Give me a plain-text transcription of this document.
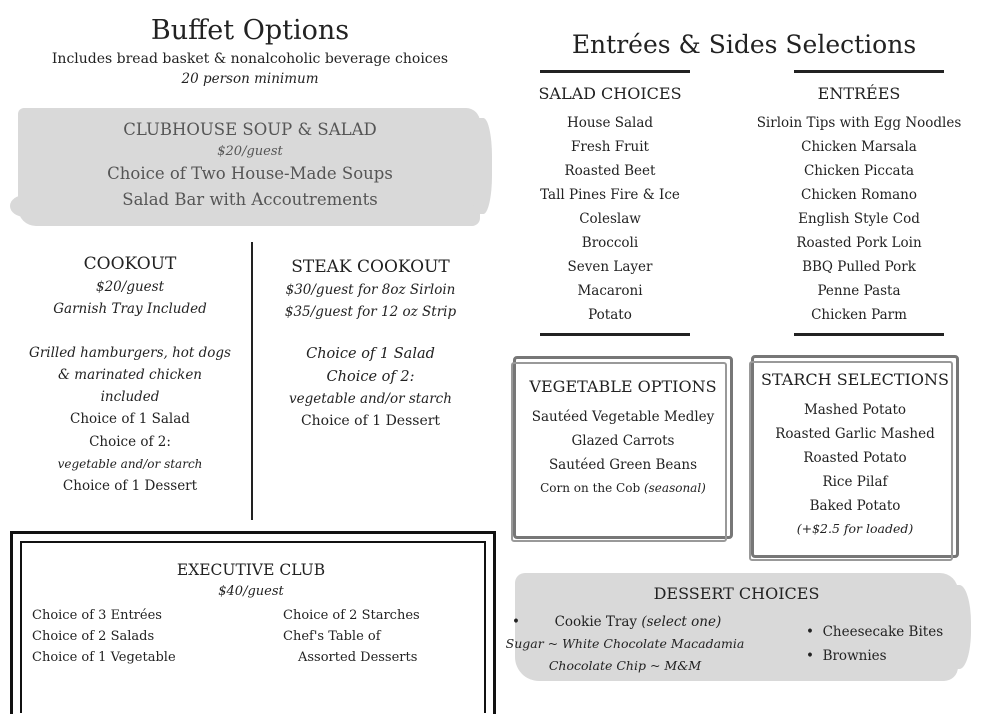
Buffet Options
Includes bread basket & nonalcoholic beverage choices
20 person minimum
CLUBHOUSE SOUP & SALAD
$20/guest
Choice of Two House-Made Soups
Salad Bar with Accoutrements
COOKOUT
$20/guest
Garnish Tray Included
Grilled hamburgers, hot dogs
& marinated chicken
included
Choice of 1 Salad
Choice of 2:
vegetable and/or starch
Choice of 1 Dessert
STEAK COOKOUT
$30/guest for 8oz Sirloin
$35/guest for 12 oz Strip
Choice of 1 Salad
Choice of 2:
vegetable and/or starch
Choice of 1 Dessert
EXECUTIVE CLUB
$40/guest
Choice of 3 Entrées
Choice of 2 Salads
Choice of 1 Vegetable
Choice of 2 Starches
Chef's Table of
Assorted Desserts
Entrées & Sides Selections
SALAD CHOICES
House Salad
Fresh Fruit
Roasted Beet
Tall Pines Fire & Ice
Coleslaw
Broccoli
Seven Layer
Macaroni
Potato
ENTRÉES
Sirloin Tips with Egg Noodles
Chicken Marsala
Chicken Piccata
Chicken Romano
English Style Cod
Roasted Pork Loin
BBQ Pulled Pork
Penne Pasta
Chicken Parm
VEGETABLE OPTIONS
Sautéed Vegetable Medley
Glazed Carrots
Sautéed Green Beans
Corn on the Cob (seasonal)
STARCH SELECTIONS
Mashed Potato
Roasted Garlic Mashed
Roasted Potato
Rice Pilaf
Baked Potato
(+$2.5 for loaded)
DESSERT CHOICES
•	Cookie Tray (select one)
Sugar ~ White Chocolate Macadamia
Chocolate Chip ~ M&M
• Cheesecake Bites
• Brownies
